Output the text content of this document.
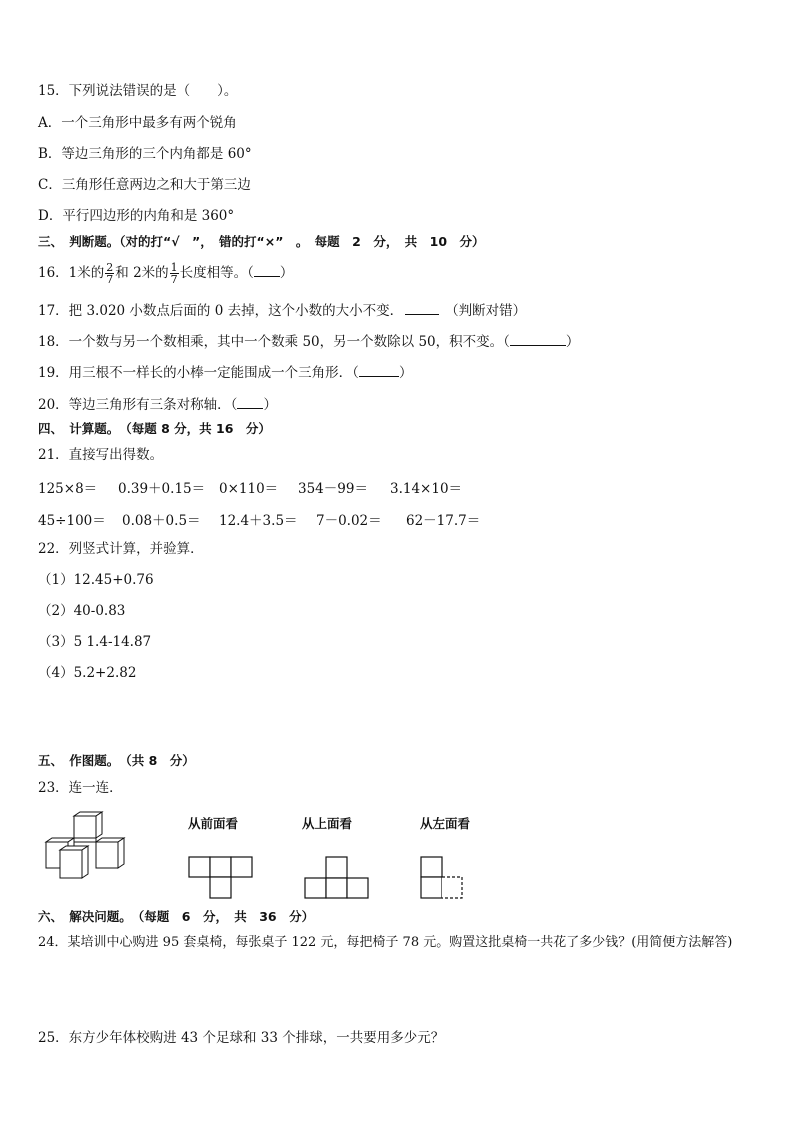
15．下列说法错误的是（　　）。
A．一个三角形中最多有两个锐角
B．等边三角形的三个内角都是 60°
C．三角形任意两边之和大于第三边
D．平行四边形的内角和是 360°
三、　判断题。（对的打“√　”，　错的打“×”　。　每题　2　分，　共　10　分）
16．1米的 $\frac{2}{7}$ 和 2米的 $\frac{1}{7}$ 长度相等。（ ）
17．把 3.020 小数点后面的 0 去掉，这个小数的大小不变．	（判断对错）
18．一个数与另一个数相乘，其中一个数乘 50，另一个数除以 50，积不变。（	）
19．用三根不一样长的小棒一定能围成一个三角形．（	）
20．等边三角形有三条对称轴．（ ）
四、　计算题。　（每题 8 分，共 16　分）
21．直接写出得数。
125×8＝ 0.39＋0.15＝ 0×110＝ 354－99＝ 3.14×10＝
45÷100＝ 0.08＋0.5＝ 12.4＋3.5＝ 7－0.02＝ 62－17.7＝
22．列竖式计算，并验算．
（1）12.45+0.76
（2）40-0.83
（3）5 1.4-14.87
（4）5.2+2.82
五、　作图题。　（共 8　分）
23．连一连．
从前面看	从上面看	从左面看
六、　解决问题。　（每题　6　分，　共　36　分）
24．某培训中心购进 95 套桌椅，每张桌子 122 元，每把椅子 78 元。购置这批桌椅一共花了多少钱？(用简便方法解答)
25．东方少年体校购进 43 个足球和 33 个排球，一共要用多少元？
